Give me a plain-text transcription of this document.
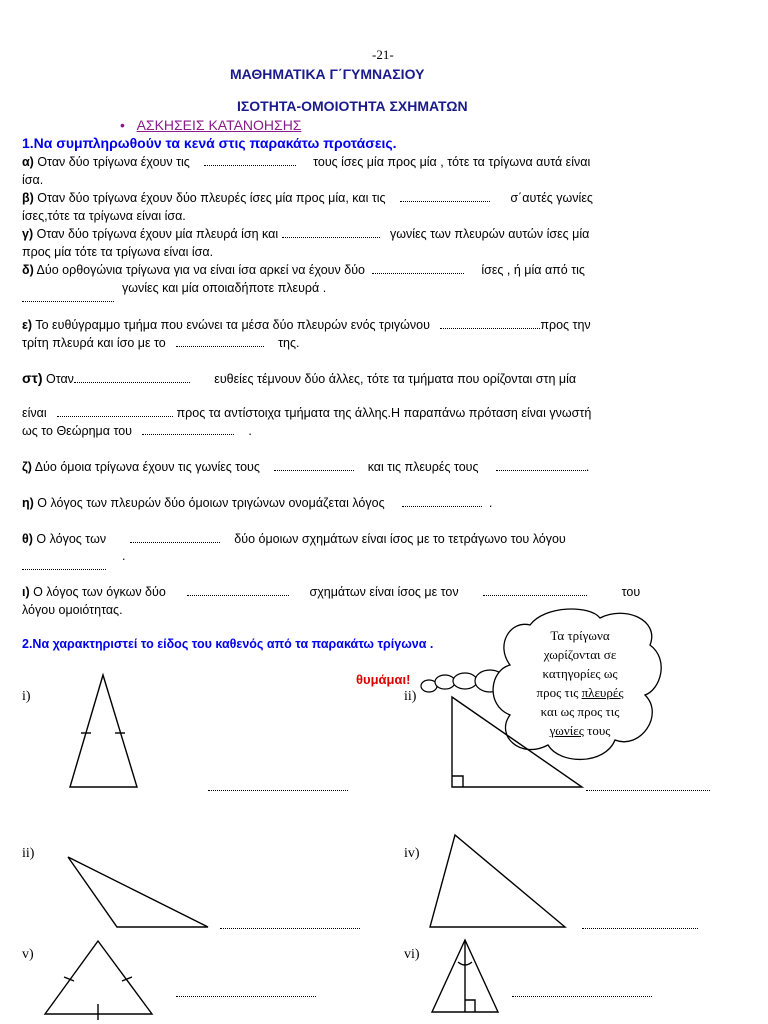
-21-
ΜΑΘΗΜΑΤΙΚΑ Γ΄ΓΥΜΝΑΣΙΟΥ
ΙΣΟΤΗΤΑ-ΟΜΟΙΟΤΗΤΑ ΣΧΗΜΑΤΩΝ
•   ΑΣΚΗΣΕΙΣ ΚΑΤΑΝΟΗΣΗΣ
1.Να συμπληρωθούν τα κενά στις παρακάτω προτάσεις.
α) Οταν δύο τρίγωνα έχουν τις	τους ίσες μία προς μία , τότε τα τρίγωνα αυτά είναι
ίσα.
β) Οταν δύο τρίγωνα έχουν δύο πλευρές ίσες μία προς μία, και τις	σ΄αυτές γωνίες
ίσες,τότε τα τρίγωνα είναι ίσα.
γ) Οταν δύο τρίγωνα έχουν μία πλευρά ίση και	γωνίες των πλευρών αυτών ίσες μία
προς μία τότε τα τρίγωνα είναι ίσα.
δ) Δύο ορθογώνια τρίγωνα για να είναι ίσα αρκεί να έχουν δύο	ίσες , ή μία από τις
γωνίες και μία οποιαδήποτε πλευρά .
ε) Το ευθύγραμμο τμήμα που ενώνει τα μέσα δύο πλευρών ενός τριγώνου	προς την
τρίτη πλευρά και ίσο με το	της.
στ) Οταν	ευθείες τέμνουν δύο άλλες, τότε τα τμήματα που ορίζονται στη μία
είναι	προς τα αντίστοιχα τμήματα της άλλης.Η παραπάνω πρόταση είναι γνωστή
ως το Θεώρημα του	.
ζ) Δύο όμοια τρίγωνα έχουν τις γωνίες τους	και τις πλευρές τους	.
η) Ο λόγος των πλευρών δύο όμοιων τριγώνων ονομάζεται λόγος	.
θ) Ο λόγος των	δύο όμοιων σχημάτων είναι ίσος με το τετράγωνο του λόγου
.
ι) Ο λόγος των όγκων δύο	σχημάτων είναι ίσος με τον	του
λόγου ομοιότητας.
2.Να χαρακτηριστεί το είδος του καθενός από τα παρακάτω τρίγωνα .
θυμάμαι!
Τα τρίγωνα
χωρίζονται σε
κατηγορίες ως
προς τις πλευρές
και ως προς τις
γωνίες τους
i)	ii)
ii)	iv)
v)	vi)
